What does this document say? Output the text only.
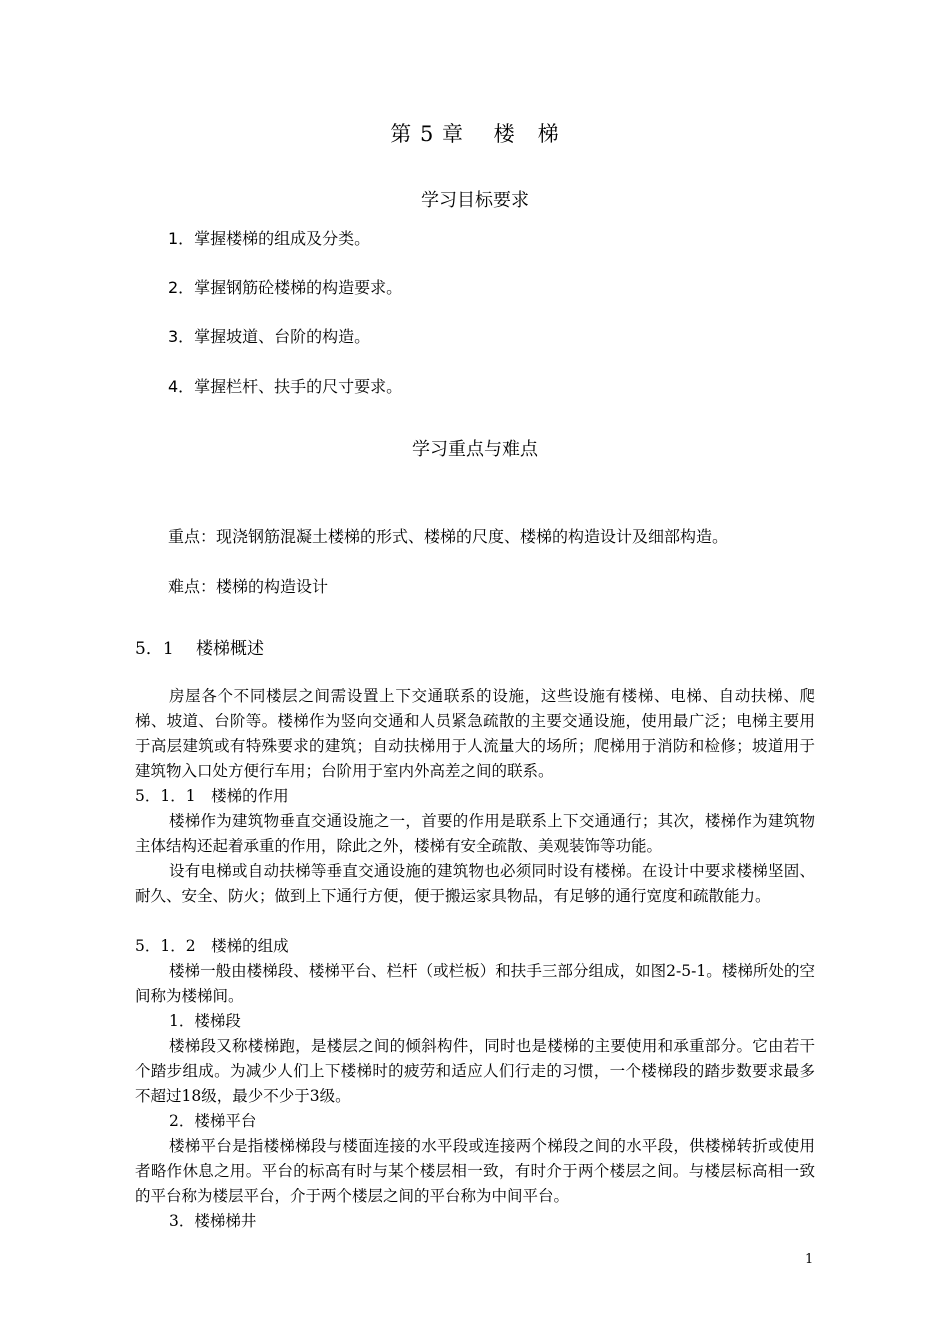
第 5 章　 楼　梯
学习目标要求
1．掌握楼梯的组成及分类。
2．掌握钢筋砼楼梯的构造要求。
3．掌握坡道、台阶的构造。
4．掌握栏杆、扶手的尺寸要求。
学习重点与难点
重点：现浇钢筋混凝土楼梯的形式、楼梯的尺度、楼梯的构造设计及细部构造。
难点：楼梯的构造设计
5．1　 楼梯概述
房屋各个不同楼层之间需设置上下交通联系的设施，这些设施有楼梯、电梯、自动扶梯、爬梯、坡道、台阶等。楼梯作为竖向交通和人员紧急疏散的主要交通设施，使用最广泛；电梯主要用于高层建筑或有特殊要求的建筑；自动扶梯用于人流量大的场所；爬梯用于消防和检修；坡道用于建筑物入口处方便行车用；台阶用于室内外高差之间的联系。
5．1．1　楼梯的作用
楼梯作为建筑物垂直交通设施之一，首要的作用是联系上下交通通行；其次，楼梯作为建筑物主体结构还起着承重的作用，除此之外，楼梯有安全疏散、美观装饰等功能。
设有电梯或自动扶梯等垂直交通设施的建筑物也必须同时设有楼梯。在设计中要求楼梯坚固、耐久、安全、防火；做到上下通行方便，便于搬运家具物品，有足够的通行宽度和疏散能力。
5．1．2　楼梯的组成
楼梯一般由楼梯段、楼梯平台、栏杆（或栏板）和扶手三部分组成，如图2-5-1。楼梯所处的空间称为楼梯间。
1．楼梯段
楼梯段又称楼梯跑，是楼层之间的倾斜构件，同时也是楼梯的主要使用和承重部分。它由若干个踏步组成。为减少人们上下楼梯时的疲劳和适应人们行走的习惯，一个楼梯段的踏步数要求最多不超过18级，最少不少于3级。
2．楼梯平台
楼梯平台是指楼梯梯段与楼面连接的水平段或连接两个梯段之间的水平段，供楼梯转折或使用者略作休息之用。平台的标高有时与某个楼层相一致，有时介于两个楼层之间。与楼层标高相一致的平台称为楼层平台，介于两个楼层之间的平台称为中间平台。
3．楼梯梯井
1
